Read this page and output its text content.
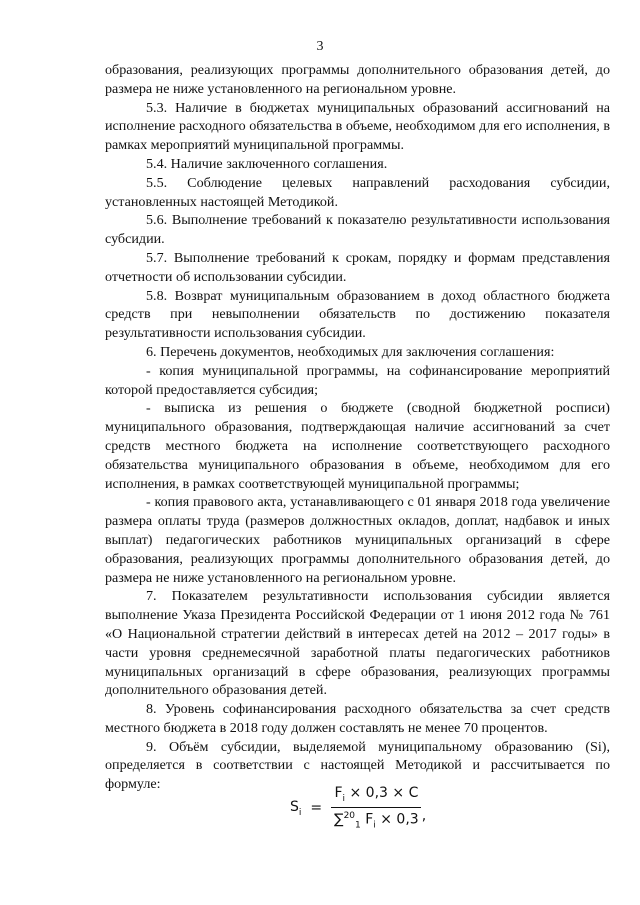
3

образования, реализующих программы дополнительного образования детей, до размера не ниже установленного на региональном уровне.

5.3. Наличие в бюджетах муниципальных образований ассигнований на исполнение расходного обязательства в объеме, необходимом для его исполнения, в рамках мероприятий муниципальной программы.

5.4. Наличие заключенного соглашения.

5.5. Соблюдение целевых направлений расходования субсидии, установленных настоящей Методикой.

5.6. Выполнение требований к показателю результативности использования субсидии.

5.7. Выполнение требований к срокам, порядку и формам представления отчетности об использовании субсидии.

5.8. Возврат муниципальным образованием в доход областного бюджета средств при невыполнении обязательств по достижению показателя результативности использования субсидии.

6. Перечень документов, необходимых для заключения соглашения:

- копия муниципальной программы, на софинансирование мероприятий которой предоставляется субсидия;

- выписка из решения о бюджете (сводной бюджетной росписи) муниципального образования, подтверждающая наличие ассигнований за счет средств местного бюджета на исполнение соответствующего расходного обязательства муниципального образования в объеме, необходимом для его исполнения, в рамках соответствующей муниципальной программы;

- копия правового акта, устанавливающего с 01 января 2018 года увеличение размера оплаты труда (размеров должностных окладов, доплат, надбавок и иных выплат) педагогических работников муниципальных организаций в сфере образования, реализующих программы дополнительного образования детей, до размера не ниже установленного на региональном уровне.

7. Показателем результативности использования субсидии является выполнение Указа Президента Российской Федерации от 1 июня 2012 года № 761 «О Национальной стратегии действий в интересах детей на 2012 – 2017 годы» в части уровня среднемесячной заработной платы педагогических работников муниципальных организаций в сфере образования, реализующих программы дополнительного образования детей.

8. Уровень софинансирования расходного обязательства за счет средств местного бюджета в 2018 году должен составлять не менее 70 процентов.

9. Объём субсидии, выделяемой муниципальному образованию (Si), определяется в соответствии с настоящей Методикой и рассчитывается по формуле:

$S_i = \frac{F_i \times 0,3 \times C}{\sum^{20}_1 F_i \times 0,3}$ ,
